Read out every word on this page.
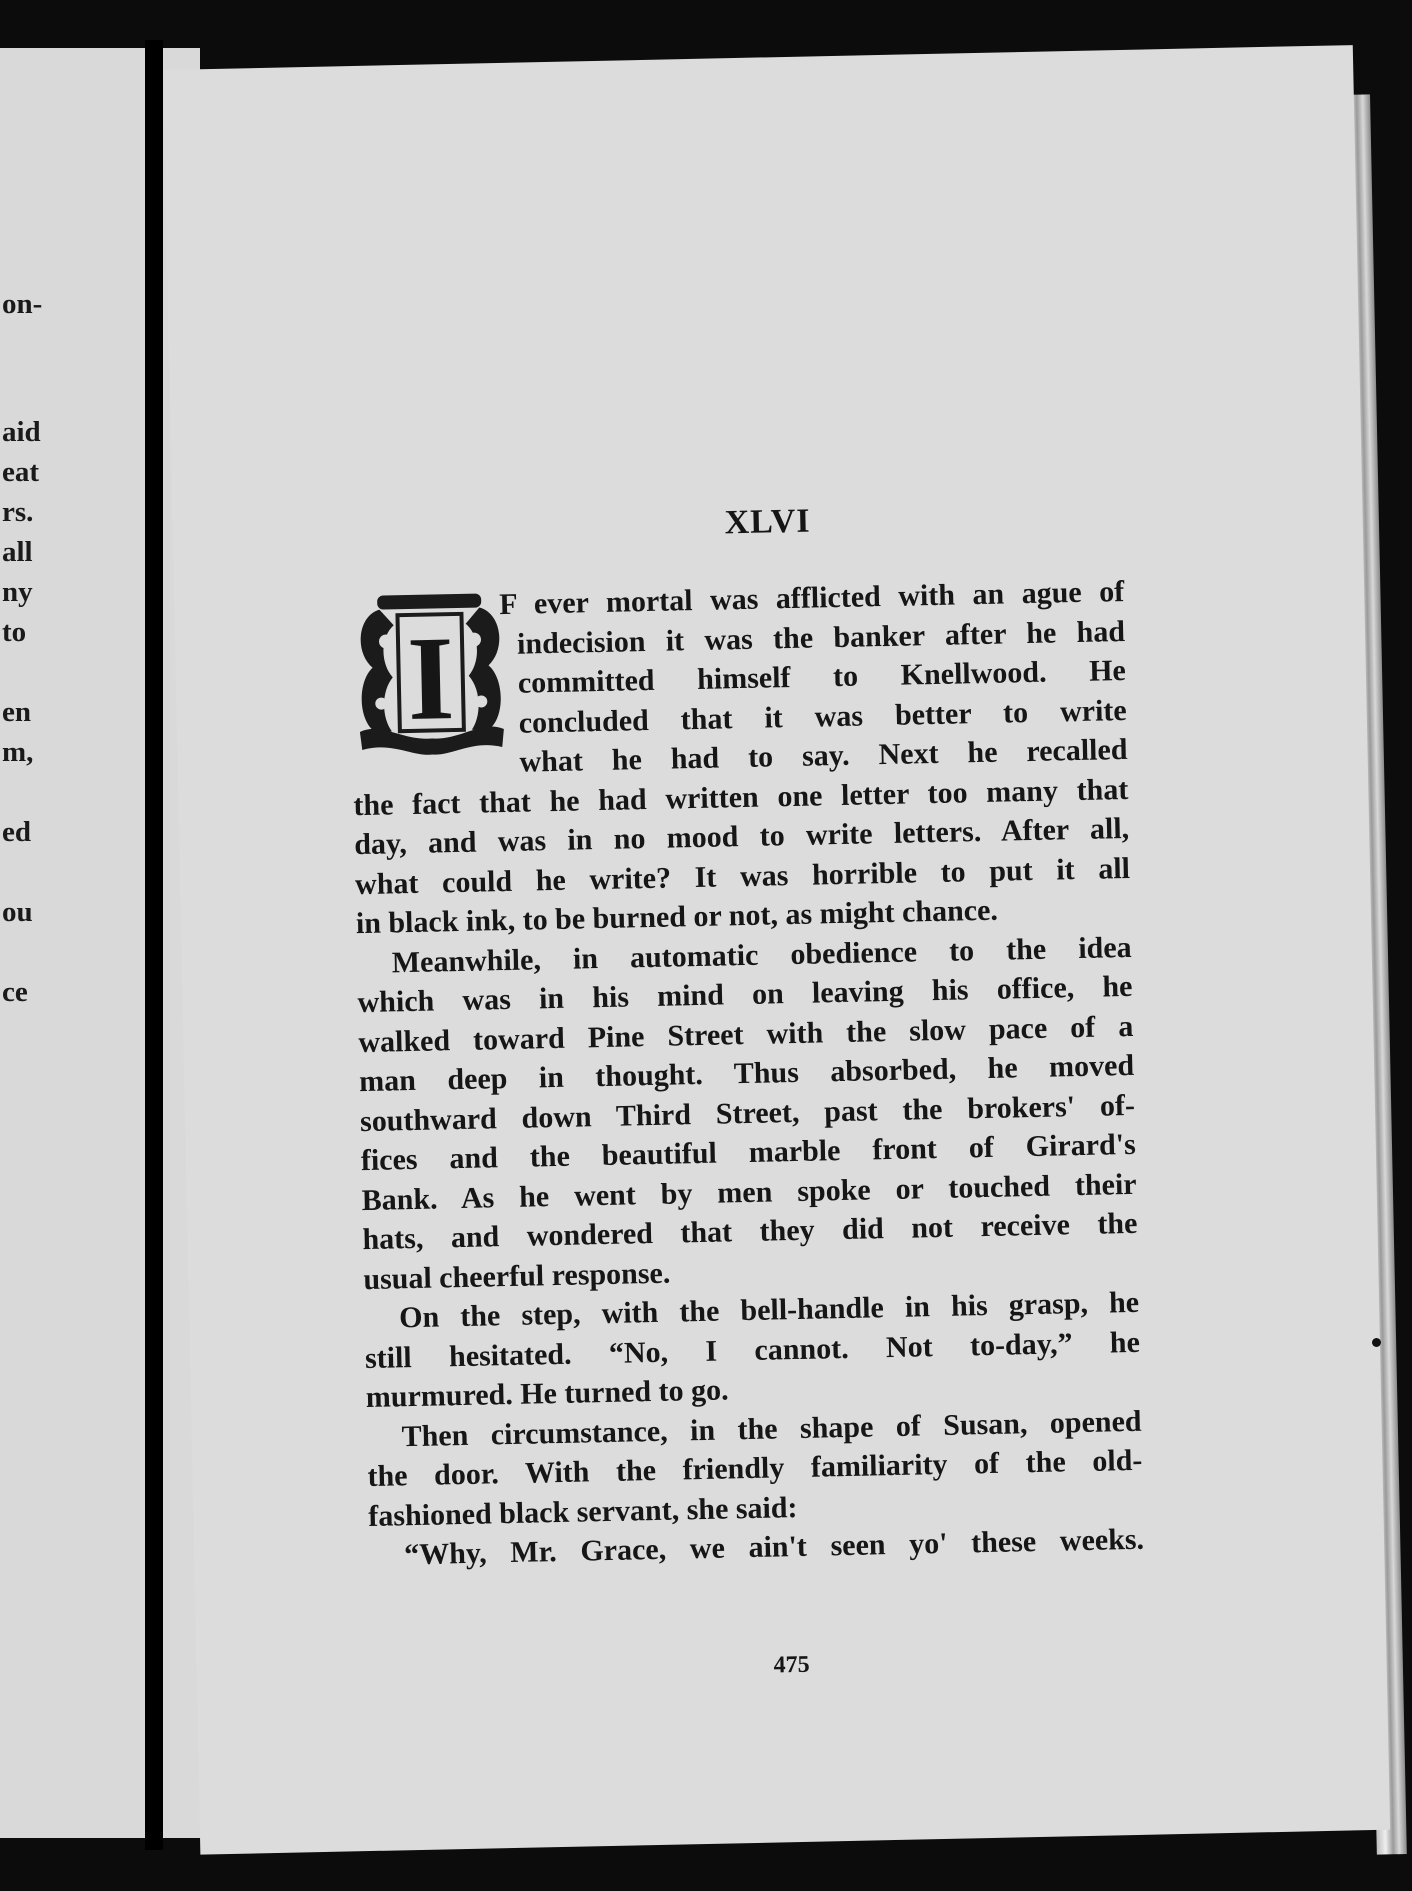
on-
aid
eat
rs.
all
ny
to
en
m,
ed
ou
ce
XLVI
I
F ever mortal was afflicted with an ague of
indecision it was the banker after he had
committed himself to Knellwood. He
concluded that it was better to write
what he had to say. Next he recalled
the fact that he had written one letter too many that
day, and was in no mood to write letters. After all,
what could he write? It was horrible to put it all
in black ink, to be burned or not, as might chance.
Meanwhile, in automatic obedience to the idea
which was in his mind on leaving his office, he
walked toward Pine Street with the slow pace of a
man deep in thought. Thus absorbed, he moved
southward down Third Street, past the brokers' of-
fices and the beautiful marble front of Girard's
Bank. As he went by men spoke or touched their
hats, and wondered that they did not receive the
usual cheerful response.
On the step, with the bell-handle in his grasp, he
still hesitated. “No, I cannot. Not to-day,” he
murmured. He turned to go.
Then circumstance, in the shape of Susan, opened
the door. With the friendly familiarity of the old-
fashioned black servant, she said:
“Why, Mr. Grace, we ain't seen yo' these weeks.
475
